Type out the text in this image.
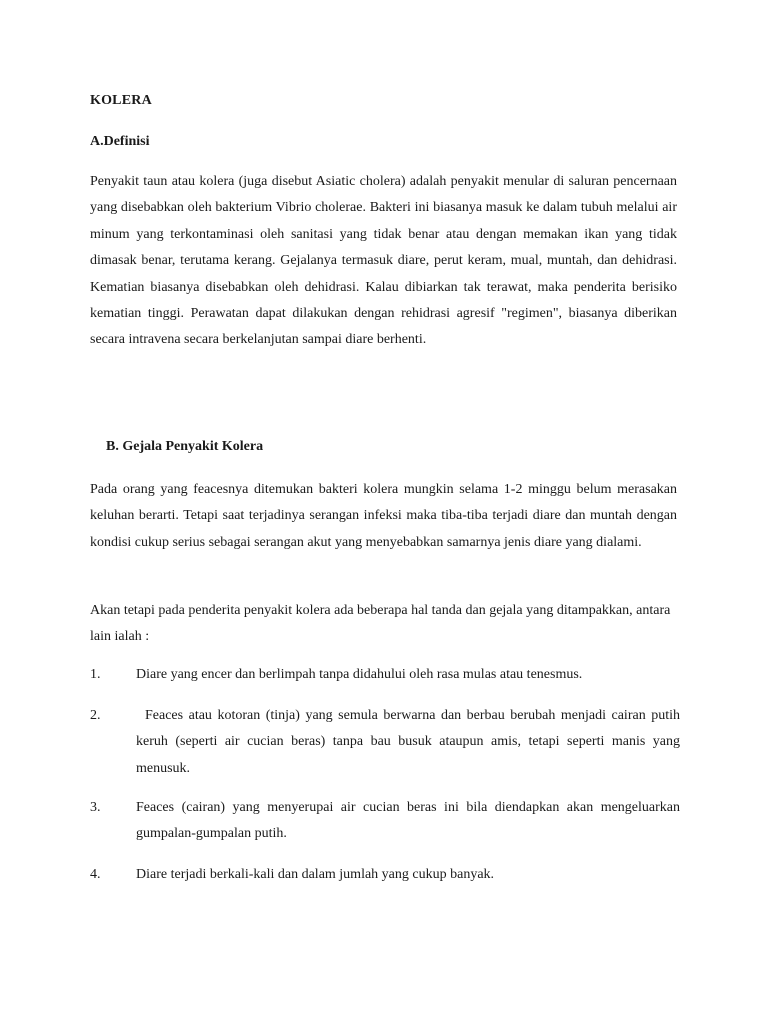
KOLERA
A.Definisi

Penyakit taun atau kolera (juga disebut Asiatic cholera) adalah penyakit menular di saluran pencernaan yang disebabkan oleh bakterium Vibrio cholerae. Bakteri ini biasanya masuk ke dalam tubuh melalui air minum yang terkontaminasi oleh sanitasi yang tidak benar atau dengan memakan ikan yang tidak dimasak benar, terutama kerang. Gejalanya termasuk diare, perut keram, mual, muntah, dan dehidrasi. Kematian biasanya disebabkan oleh dehidrasi. Kalau dibiarkan tak terawat, maka penderita berisiko kematian tinggi. Perawatan dapat dilakukan dengan rehidrasi agresif "regimen", biasanya diberikan secara intravena secara berkelanjutan sampai diare berhenti.

B. Gejala Penyakit Kolera

Pada orang yang feacesnya ditemukan bakteri kolera mungkin selama 1-2 minggu belum merasakan keluhan berarti. Tetapi saat terjadinya serangan infeksi maka tiba-tiba terjadi diare dan muntah dengan kondisi cukup serius sebagai serangan akut yang menyebabkan samarnya jenis diare yang dialami.

Akan tetapi pada penderita penyakit kolera ada beberapa hal tanda dan gejala yang ditampakkan, antara lain ialah :

1.	Diare yang encer dan berlimpah tanpa didahului oleh rasa mulas atau tenesmus.
2.	Feaces atau kotoran (tinja) yang semula berwarna dan berbau berubah menjadi cairan putih keruh (seperti air cucian beras) tanpa bau busuk ataupun amis, tetapi seperti manis yang menusuk.
3.	Feaces (cairan) yang menyerupai air cucian beras ini bila diendapkan akan mengeluarkan gumpalan-gumpalan putih.
4.	Diare terjadi berkali-kali dan dalam jumlah yang cukup banyak.
